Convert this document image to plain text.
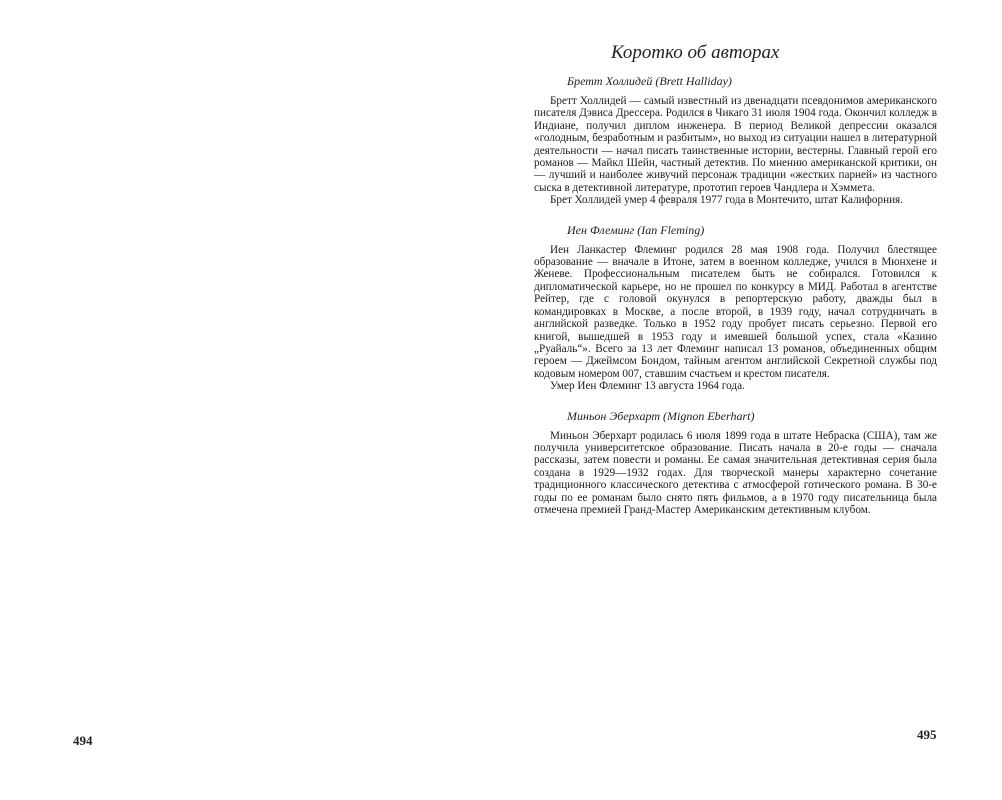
494
Коротко об авторах
Бретт Холлидей (Brett Halliday)

Бретт Холлидей — самый известный из двенадцати псевдонимов американского писателя Дэвиса Дрессера. Родился в Чикаго 31 июля 1904 года. Окончил колледж в Индиане, получил диплом инженера. В период Великой депрессии оказался «голодным, безработным и разбитым», но выход из ситуации нашел в литературной деятельности — начал писать таинственные истории, вестерны. Главный герой его романов — Майкл Шейн, частный детектив. По мнению американской критики, он — лучший и наиболее живучий персонаж традиции «жестких парней» из частного сыска в детективной литературе, прототип героев Чандлера и Хэммета.

Брет Холлидей умер 4 февраля 1977 года в Монтечито, штат Калифорния.

Иен Флеминг (Ian Fleming)

Иен Ланкастер Флеминг родился 28 мая 1908 года. Получил блестящее образование — вначале в Итоне, затем в военном колледже, учился в Мюнхене и Женеве. Профессиональным писателем быть не собирался. Готовился к дипломатической карьере, но не прошел по конкурсу в МИД. Работал в агентстве Рейтер, где с головой окунулся в репортерскую работу, дважды был в командировках в Москве, а после второй, в 1939 году, начал сотрудничать в английской разведке. Только в 1952 году пробует писать серьезно. Первой его книгой, вышедшей в 1953 году и имевшей большой успех, стала «Казино „Руайаль“». Всего за 13 лет Флеминг написал 13 романов, объединенных общим героем — Джеймсом Бондом, тайным агентом английской Секретной службы под кодовым номером 007, ставшим счастьем и крестом писателя.

Умер Иен Флеминг 13 августа 1964 года.

Миньон Эберхарт (Mignon Eberhart)

Миньон Эберхарт родилась 6 июля 1899 года в штате Небраска (США), там же получила университетское образование. Писать начала в 20-е годы — сначала рассказы, затем повести и романы. Ее самая значительная детективная серия была создана в 1929—1932 годах. Для творческой манеры характерно сочетание традиционного классического детектива с атмосферой готического романа. В 30-е годы по ее романам было снято пять фильмов, а в 1970 году писательница была отмечена премией Гранд-Мастер Американским детективным клубом.

495
